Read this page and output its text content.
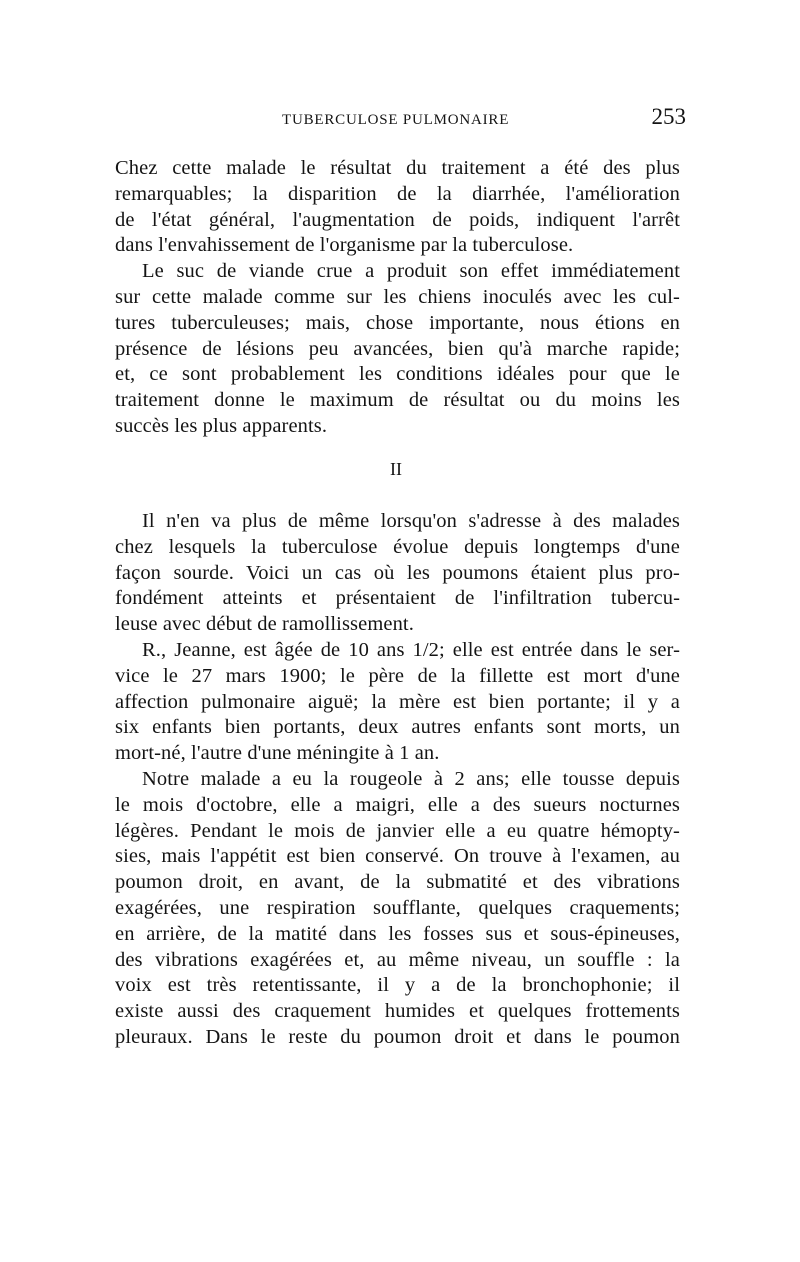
TUBERCULOSE PULMONAIRE	253
Chez cette malade le résultat du traitement a été des plus
remarquables; la disparition de la diarrhée, l'amélioration
de l'état général, l'augmentation de poids, indiquent l'arrêt
dans l'envahissement de l'organisme par la tuberculose.
Le suc de viande crue a produit son effet immédiatement
sur cette malade comme sur les chiens inoculés avec les cul-
tures tuberculeuses; mais, chose importante, nous étions en
présence de lésions peu avancées, bien qu'à marche rapide;
et, ce sont probablement les conditions idéales pour que le
traitement donne le maximum de résultat ou du moins les
succès les plus apparents.
II
Il n'en va plus de même lorsqu'on s'adresse à des malades
chez lesquels la tuberculose évolue depuis longtemps d'une
façon sourde. Voici un cas où les poumons étaient plus pro-
fondément atteints et présentaient de l'infiltration tubercu-
leuse avec début de ramollissement.
R., Jeanne, est âgée de 10 ans 1/2; elle est entrée dans le ser-
vice le 27 mars 1900; le père de la fillette est mort d'une
affection pulmonaire aiguë; la mère est bien portante; il y a
six enfants bien portants, deux autres enfants sont morts, un
mort-né, l'autre d'une méningite à 1 an.
Notre malade a eu la rougeole à 2 ans; elle tousse depuis
le mois d'octobre, elle a maigri, elle a des sueurs nocturnes
légères. Pendant le mois de janvier elle a eu quatre hémopty-
sies, mais l'appétit est bien conservé. On trouve à l'examen, au
poumon droit, en avant, de la submatité et des vibrations
exagérées, une respiration soufflante, quelques craquements;
en arrière, de la matité dans les fosses sus et sous-épineuses,
des vibrations exagérées et, au même niveau, un souffle : la
voix est très retentissante, il y a de la bronchophonie; il
existe aussi des craquement humides et quelques frottements
pleuraux. Dans le reste du poumon droit et dans le poumon
